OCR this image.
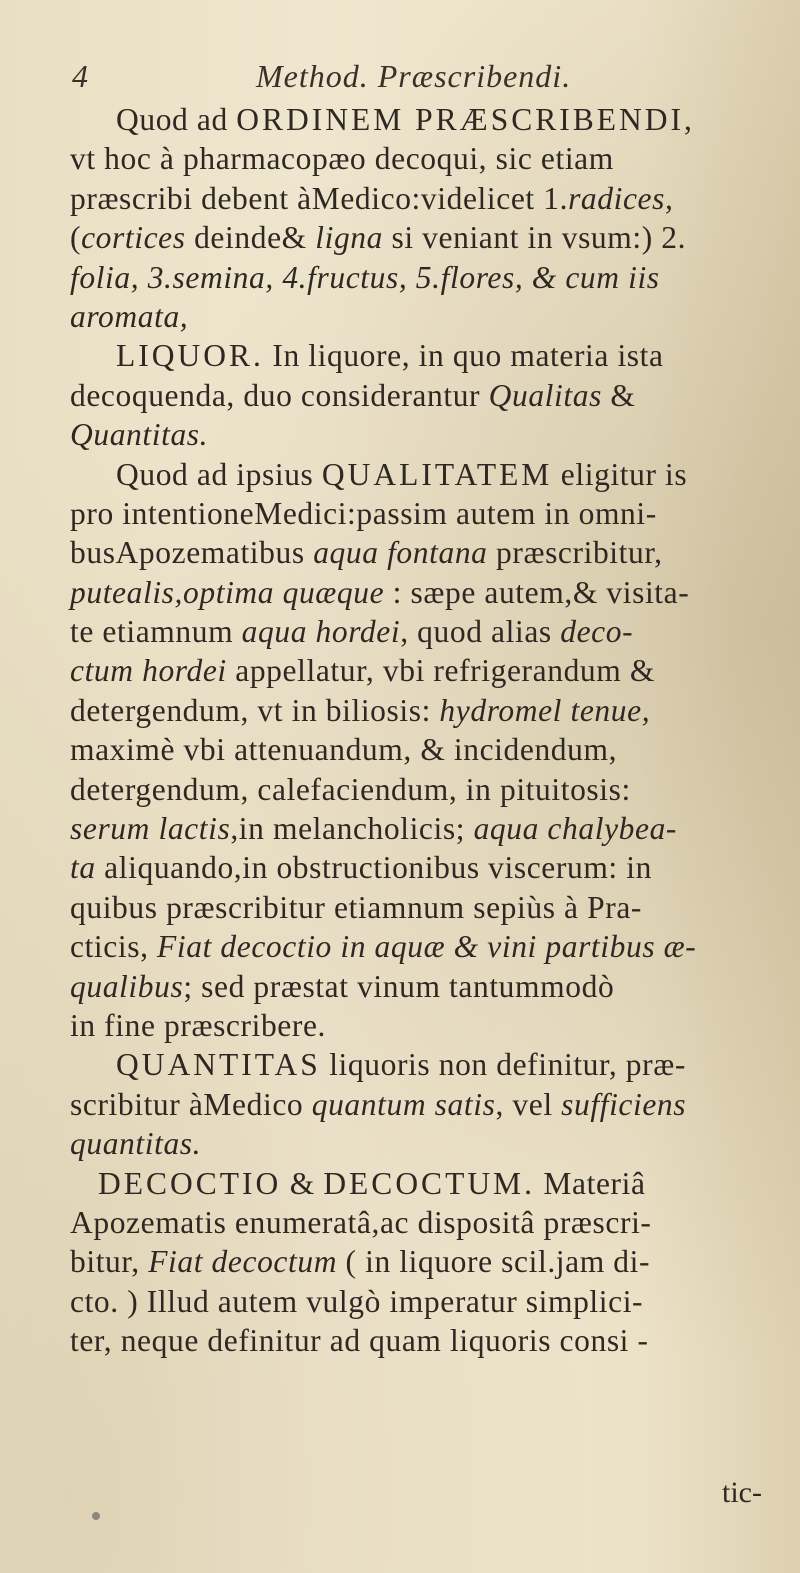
4	Method. Præscribendi.
Quod ad ORDINEM PRÆSCRIBENDI,
vt hoc à pharmacopæo decoqui, sic etiam
præscribi debent àMedico:videlicet 1.radices,
(cortices deinde& ligna si veniant in vsum:) 2.
folia, 3.semina, 4.fructus, 5.flores, & cum iis
aromata,
LIQUOR. In liquore, in quo materia ista
decoquenda, duo considerantur Qualitas &
Quantitas.
Quod ad ipsius QUALITATEM eligitur is
pro intentioneMedici:passim autem in omni-
busApozematibus aqua fontana præscribitur,
putealis,optima quæque : sæpe autem,& visita-
te etiamnum aqua hordei, quod alias deco-
ctum hordei appellatur, vbi refrigerandum &
detergendum, vt in biliosis: hydromel tenue,
maximè vbi attenuandum, & incidendum,
detergendum, calefaciendum, in pituitosis:
serum lactis,in melancholicis; aqua chalybea-
ta aliquando,in obstructionibus viscerum: in
quibus præscribitur etiamnum sepiùs à Pra-
cticis, Fiat decoctio in aquæ & vini partibus æ-
qualibus; sed præstat vinum tantummodò
in fine præscribere.
QUANTITAS liquoris non definitur, præ-
scribitur àMedico quantum satis, vel sufficiens
quantitas.
DECOCTIO & DECOCTUM. Materiâ
Apozematis enumeratâ,ac dispositâ præscri-
bitur, Fiat decoctum ( in liquore scil.jam di-
cto. ) Illud autem vulgò imperatur simplici-
ter, neque definitur ad quam liquoris consi -
tic-
